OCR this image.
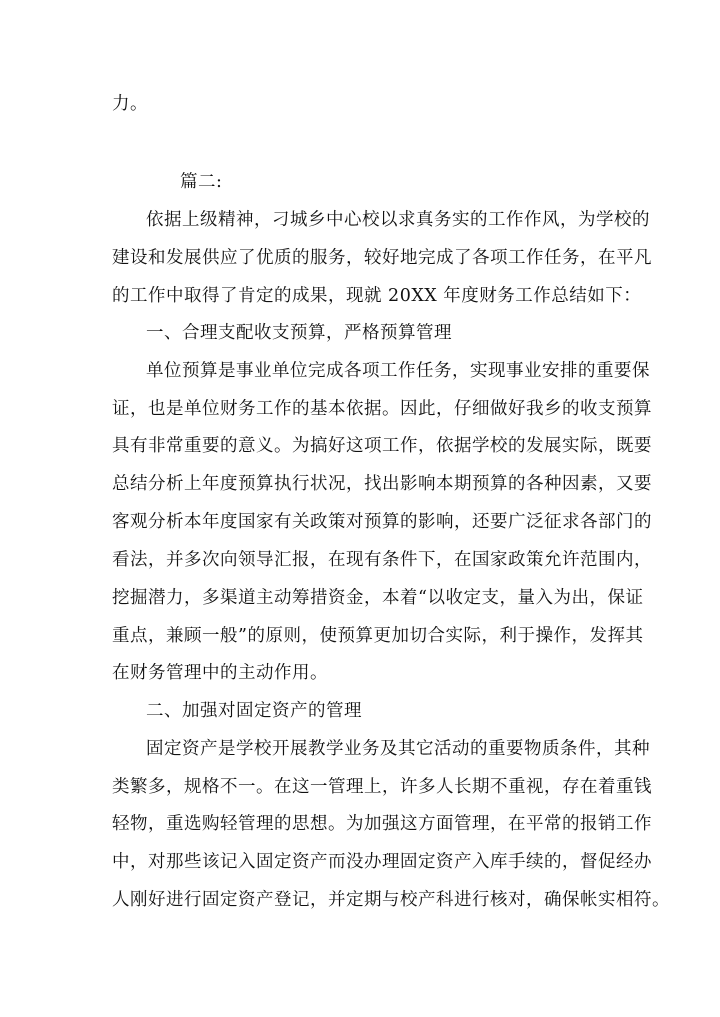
力。
篇二:
依据上级精神，刁城乡中心校以求真务实的工作作风，为学校的
建设和发展供应了优质的服务，较好地完成了各项工作任务，在平凡
的工作中取得了肯定的成果，现就 20XX 年度财务工作总结如下：
一、合理支配收支预算，严格预算管理
单位预算是事业单位完成各项工作任务，实现事业安排的重要保
证，也是单位财务工作的基本依据。因此，仔细做好我乡的收支预算
具有非常重要的意义。为搞好这项工作，依据学校的发展实际，既要
总结分析上年度预算执行状况，找出影响本期预算的各种因素，又要
客观分析本年度国家有关政策对预算的影响，还要广泛征求各部门的
看法，并多次向领导汇报，在现有条件下，在国家政策允许范围内，
挖掘潜力，多渠道主动筹措资金，本着“以收定支，量入为出，保证
重点，兼顾一般”的原则，使预算更加切合实际，利于操作，发挥其
在财务管理中的主动作用。
二、加强对固定资产的管理
固定资产是学校开展教学业务及其它活动的重要物质条件，其种
类繁多，规格不一。在这一管理上，许多人长期不重视，存在着重钱
轻物，重选购轻管理的思想。为加强这方面管理，在平常的报销工作
中，对那些该记入固定资产而没办理固定资产入库手续的，督促经办
人刚好进行固定资产登记，并定期与校产科进行核对，确保帐实相符。
